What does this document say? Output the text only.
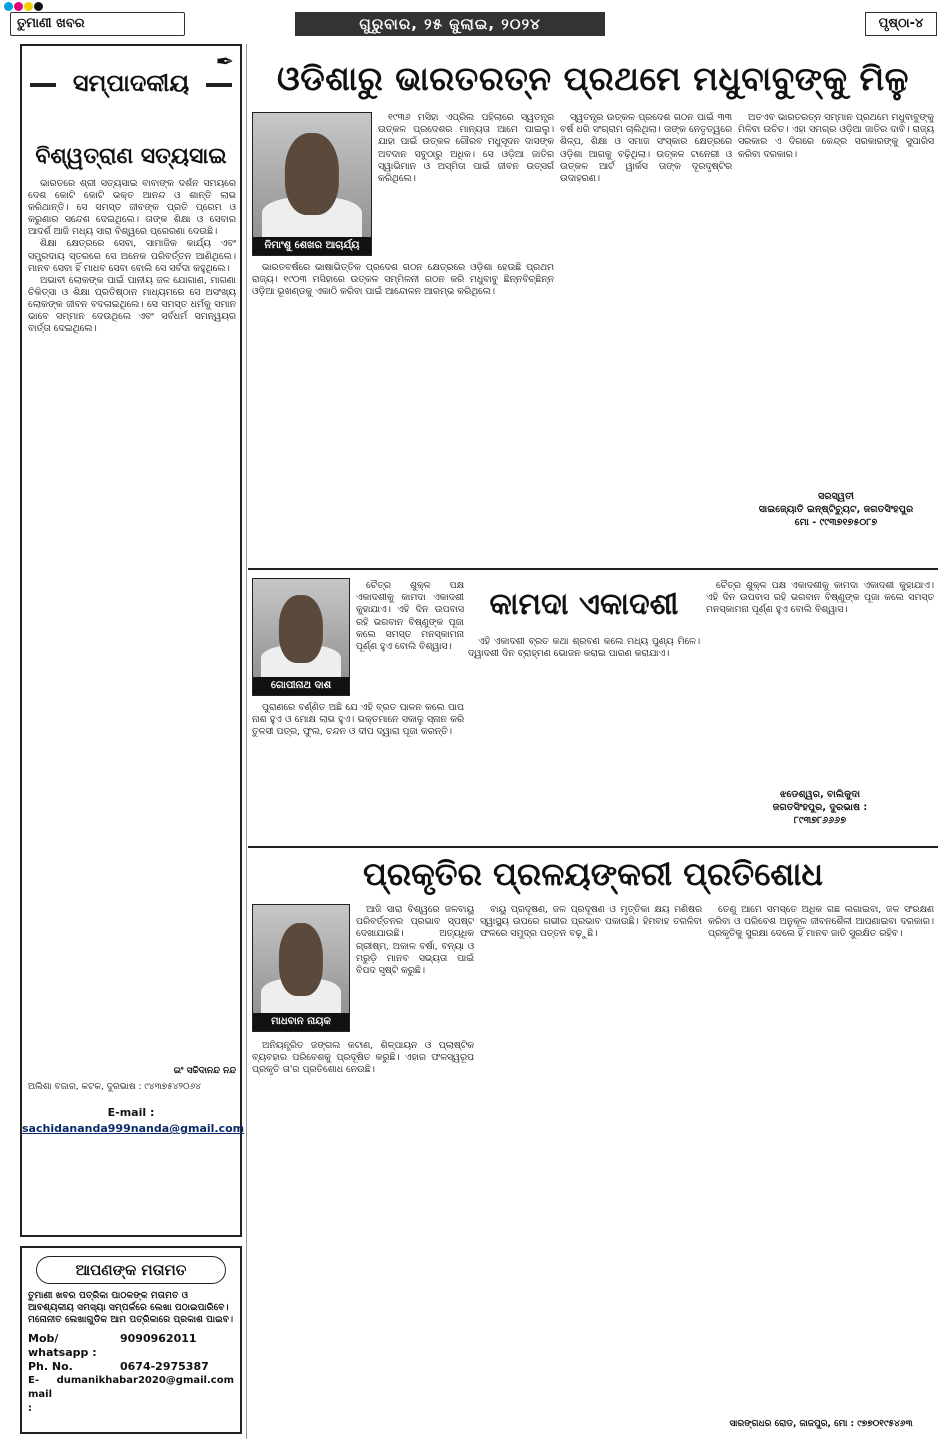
ତୁମାଣୀ ଖବର	ଗୁରୁବାର, ୨୫ ଜୁଲାଇ, ୨୦୨୪	ପୃଷ୍ଠା-୪
ସମ୍ପାଦକୀୟ
✒
ବିଶ୍ୱତ୍ରାଣ ସତ୍ୟସାଇ

ଭାରତରେ ଶ୍ରୀ ସତ୍ୟସାଇ ବାବାଙ୍କ ଦର୍ଶନ ସମୟରେ ଦେଶ କୋଟି କୋଟି ଭକ୍ତ ଆନନ୍ଦ ଓ ଶାନ୍ତି ଲାଭ କରିଥାନ୍ତି। ସେ ସମସ୍ତ ଜୀବଙ୍କ ପ୍ରତି ପ୍ରେମ ଓ କରୁଣାର ସନ୍ଦେଶ ଦେଇଥିଲେ। ତାଙ୍କ ଶିକ୍ଷା ଓ ସେବାର ଆଦର୍ଶ ଆଜି ମଧ୍ୟ ସାରା ବିଶ୍ୱରେ ପ୍ରେରଣା ଦେଉଛି।

ଶିକ୍ଷା କ୍ଷେତ୍ରରେ ସେବା, ସାମାଜିକ କାର୍ଯ୍ୟ ଏବଂ ସମ୍ପ୍ରଦାୟ ସ୍ତରରେ ସେ ଅନେକ ପରିବର୍ତ୍ତନ ଆଣିଥିଲେ। ମାନବ ସେବା ହିଁ ମାଧବ ସେବା ବୋଲି ସେ ସର୍ବଦା କହୁଥିଲେ।

ଅଭାବୀ ଲୋକଙ୍କ ପାଇଁ ପାନୀୟ ଜଳ ଯୋଗାଣ, ମାଗଣା ଚିକିତ୍ସା ଓ ଶିକ୍ଷା ପ୍ରତିଷ୍ଠାନ ମାଧ୍ୟମରେ ସେ ଅସଂଖ୍ୟ ଲୋକଙ୍କ ଜୀବନ ବଦଳାଇଥିଲେ। ସେ ସମସ୍ତ ଧର୍ମକୁ ସମାନ ଭାବେ ସମ୍ମାନ ଦେଉଥିଲେ ଏବଂ ସର୍ବଧର୍ମ ସମନ୍ୱୟର ବାର୍ତ୍ତା ଦେଇଥିଲେ।

ଇଂ ସଚ୍ଚିଦାନନ୍ଦ ନନ୍ଦ
ଅଲିଶା ବଜାର, କଟକ, ଦୁରଭାଷ : ୯୪୩୭୫୪୨୦୬୪
E-mail :
sachidananda999nanda@gmail.com
ଆପଣଙ୍କ ମତାମତ
ତୁମାଣୀ ଖବର ପତ୍ରିକା ପାଠକଙ୍କ ମତାମତ ଓ ଆବଶ୍ୟକୀୟ ସମସ୍ୟା ସମ୍ପର୍କରେ ଲେଖା ପଠାଇପାରିବେ। ମନୋନୀତ ଲେଖାଗୁଡିକ ଆମ ପତ୍ରିକାରେ ପ୍ରକାଶ ପାଇବ।
Mob/ whatsapp :
9090962011
Ph. No.	0674-2975387
E-mail :
dumanikhabar2020@gmail.com
ଓଡିଶାରୁ ଭାରତରତ୍ନ ପ୍ରଥମେ ମଧୁବାବୁଙ୍କୁ ମିଳୁ
ନିମାଂଶୁ ଶେଖର ଆଚାର୍ଯ୍ୟ

୧୯୩୬ ମସିହା ଏପ୍ରିଲ ପହିଲାରେ ସ୍ୱତନ୍ତ୍ର ଉତ୍କଳ ପ୍ରଦେଶର ମାନ୍ୟତା ଆମେ ପାଇଲୁ। ଯାହା ପାଇଁ ଉତ୍କଳ ଗୌରବ ମଧୁସୂଦନ ଦାସଙ୍କ ଅବଦାନ ସବୁଠାରୁ ଅଧିକ। ସେ ଓଡ଼ିଆ ଜାତିର ସ୍ୱାଭିମାନ ଓ ଅସ୍ମିତା ପାଇଁ ଜୀବନ ଉତ୍ସର୍ଗ କରିଥିଲେ।

ଭାରତବର୍ଷରେ ଭାଷାଭିତ୍ତିକ ପ୍ରଦେଶ ଗଠନ କ୍ଷେତ୍ରରେ ଓଡ଼ିଶା ହେଉଛି ପ୍ରଥମ ରାଜ୍ୟ। ୧୯୦୩ ମସିହାରେ ଉତ୍କଳ ସମ୍ମିଳନୀ ଗଠନ କରି ମଧୁବାବୁ ଛିନ୍ନବିଚ୍ଛିନ୍ନ ଓଡ଼ିଆ ଭୂଖଣ୍ଡକୁ ଏକାଠି କରିବା ପାଇଁ ଆନ୍ଦୋଳନ ଆରମ୍ଭ କରିଥିଲେ।

ସ୍ୱତନ୍ତ୍ର ଉତ୍କଳ ପ୍ରଦେଶ ଗଠନ ପାଇଁ ୩୩ ବର୍ଷ ଧରି ସଂଗ୍ରାମ ଚାଲିଥିଲା। ତାଙ୍କ ନେତୃତ୍ୱରେ ଶିଳ୍ପ, ଶିକ୍ଷା ଓ ସମାଜ ସଂସ୍କାର କ୍ଷେତ୍ରରେ ଓଡ଼ିଶା ଆଗକୁ ବଢ଼ିଥିଲା। ଉତ୍କଳ ଟାନେରୀ ଓ ଉତ୍କଳ ଆର୍ଟ ୱାର୍କସ ତାଙ୍କ ଦୂରଦୃଷ୍ଟିର ଉଦାହରଣ।

ଅତଏବ ଭାରତରତ୍ନ ସମ୍ମାନ ପ୍ରଥମେ ମଧୁବାବୁଙ୍କୁ ମିଳିବା ଉଚିତ। ଏହା ସମଗ୍ର ଓଡ଼ିଆ ଜାତିର ଦାବି। ରାଜ୍ୟ ସରକାର ଏ ଦିଗରେ କେନ୍ଦ୍ର ସରକାରଙ୍କୁ ସୁପାରିସ କରିବା ଦରକାର।

ସରସ୍ୱତୀ
ସାଇଜ୍ୟୋତି ଇନ୍‌ଷ୍ଟିଚ୍ୟୁଟ, ଜଗତସିଂହପୁର
ମୋ - ୯୯୩୭୧୭୫୦୮୭
ଗୋପୀନାଥ ଦାଶ
କାମଦା ଏକାଦଶୀ

ଚୈତ୍ର ଶୁକ୍ଳ ପକ୍ଷ ଏକାଦଶୀକୁ କାମଦା ଏକାଦଶୀ କୁହାଯାଏ। ଏହି ଦିନ ଉପବାସ ରହି ଭଗବାନ ବିଷ୍ଣୁଙ୍କ ପୂଜା କଲେ ସମସ୍ତ ମନସ୍କାମନା ପୂର୍ଣ୍ଣ ହୁଏ ବୋଲି ବିଶ୍ୱାସ।

ପୁରାଣରେ ବର୍ଣ୍ଣିତ ଅଛି ଯେ ଏହି ବ୍ରତ ପାଳନ କଲେ ପାପ ନାଶ ହୁଏ ଓ ମୋକ୍ଷ ଲାଭ ହୁଏ। ଭକ୍ତମାନେ ସକାଳୁ ସ୍ନାନ କରି ତୁଳସୀ ପତ୍ର, ଫୁଲ, ଚନ୍ଦନ ଓ ଦୀପ ଦ୍ୱାରା ପୂଜା କରନ୍ତି।

ଏହି ଏକାଦଶୀ ବ୍ରତ କଥା ଶ୍ରବଣ କଲେ ମଧ୍ୟ ପୁଣ୍ୟ ମିଳେ। ଦ୍ୱାଦଶୀ ଦିନ ବ୍ରାହ୍ମଣ ଭୋଜନ କରାଇ ପାରଣ କରାଯାଏ।

ଚୈତ୍ର ଶୁକ୍ଳ ପକ୍ଷ ଏକାଦଶୀକୁ କାମଦା ଏକାଦଶୀ କୁହାଯାଏ। ଏହି ଦିନ ଉପବାସ ରହି ଭଗବାନ ବିଷ୍ଣୁଙ୍କ ପୂଜା କଲେ ସମସ୍ତ ମନସ୍କାମନା ପୂର୍ଣ୍ଣ ହୁଏ ବୋଲି ବିଶ୍ୱାସ।

ଝଡେଶ୍ୱର, ବାଲିକୁଦା
ଜଗତସିଂହପୁର, ଦୁରଭାଷ :
୮୯୩୭୮୬୬୬୭
ପ୍ରକୃତିର ପ୍ରଳୟଙ୍କରୀ ପ୍ରତିଶୋଧ
ମାଧବାନ ନାୟକ

ଆଜି ସାରା ବିଶ୍ୱରେ ଜଳବାୟୁ ପରିବର୍ତ୍ତନର ପ୍ରଭାବ ସ୍ପଷ୍ଟ ଦେଖାଯାଉଛି। ଅତ୍ୟଧିକ ଗ୍ରୀଷ୍ମ, ଅକାଳ ବର୍ଷା, ବନ୍ୟା ଓ ମରୁଡ଼ି ମାନବ ସଭ୍ୟତା ପାଇଁ ବିପଦ ସୃଷ୍ଟି କରୁଛି।

ଅନିୟନ୍ତ୍ରିତ ଜଙ୍ଗଲ କଟାଣ, ଶିଳ୍ପାୟନ ଓ ପ୍ଲାଷ୍ଟିକ ବ୍ୟବହାର ପରିବେଶକୁ ପ୍ରଦୂଷିତ କରୁଛି। ଏହାର ଫଳସ୍ୱରୂପ ପ୍ରକୃତି ତା'ର ପ୍ରତିଶୋଧ ନେଉଛି।

ବାୟୁ ପ୍ରଦୂଷଣ, ଜଳ ପ୍ରଦୂଷଣ ଓ ମୃତ୍ତିକା କ୍ଷୟ ମଣିଷର ସ୍ୱାସ୍ଥ୍ୟ ଉପରେ ଗଭୀର ପ୍ରଭାବ ପକାଉଛି। ହିମବାହ ତରଳିବା ଫଳରେ ସମୁଦ୍ର ପତ୍ତନ ବଢ଼ୁଛି।

ତେଣୁ ଆମେ ସମସ୍ତେ ଅଧିକ ଗଛ ଲଗାଇବା, ଜଳ ସଂରକ୍ଷଣ କରିବା ଓ ପରିବେଶ ଅନୁକୂଳ ଜୀବନଶୈଳୀ ଆପଣାଇବା ଦରକାର। ପ୍ରକୃତିକୁ ସୁରକ୍ଷା ଦେଲେ ହିଁ ମାନବ ଜାତି ସୁରକ୍ଷିତ ରହିବ।

ସାରଙ୍ଗଧର ରୋଡ, ଜାଜପୁର, ମୋ : ୯୭୭୦୧୯୫୪୬୩
